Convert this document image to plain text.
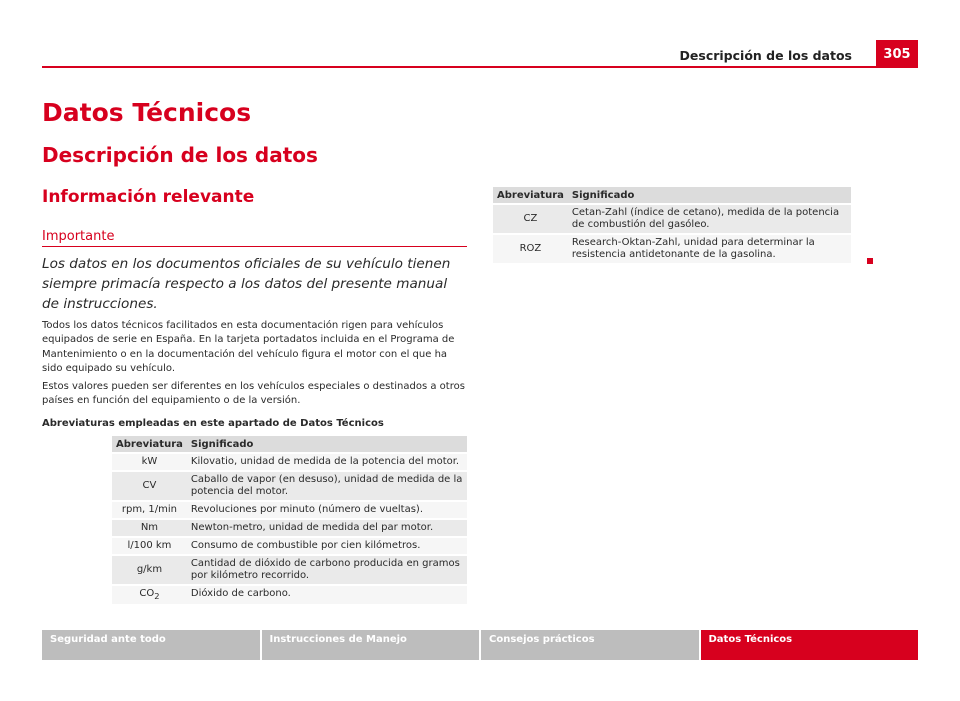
Descripción de los datos	305
Datos Técnicos
Descripción de los datos
Información relevante
Importante

Los datos en los documentos oficiales de su vehículo tienen siempre primacía respecto a los datos del presente manual de instrucciones.

Todos los datos técnicos facilitados en esta documentación rigen para vehículos equipados de serie en España. En la tarjeta portadatos incluida en el Programa de Mantenimiento o en la documentación del vehículo figura el motor con el que ha sido equipado su vehículo.

Estos valores pueden ser diferentes en los vehículos especiales o destinados a otros países en función del equipamiento o de la versión.

Abreviaturas empleadas en este apartado de Datos Técnicos

Abreviatura	Significado
kW	Kilovatio, unidad de medida de la potencia del motor.
CV	Caballo de vapor (en desuso), unidad de medida de la potencia del motor.
rpm, 1/min	Revoluciones por minuto (número de vueltas).
Nm	Newton-metro, unidad de medida del par motor.
l/100 km	Consumo de combustible por cien kilómetros.
g/km	Cantidad de dióxido de carbono producida en gramos por kilómetro recorrido.
$CO_2$	Dióxido de carbono.
Abreviatura	Significado
CZ	Cetan-Zahl (índice de cetano), medida de la potencia de combustión del gasóleo.
ROZ	Research-Oktan-Zahl, unidad para determinar la resistencia antidetonante de la gasolina.
Seguridad ante todo	Instrucciones de Manejo	Consejos prácticos	Datos Técnicos
